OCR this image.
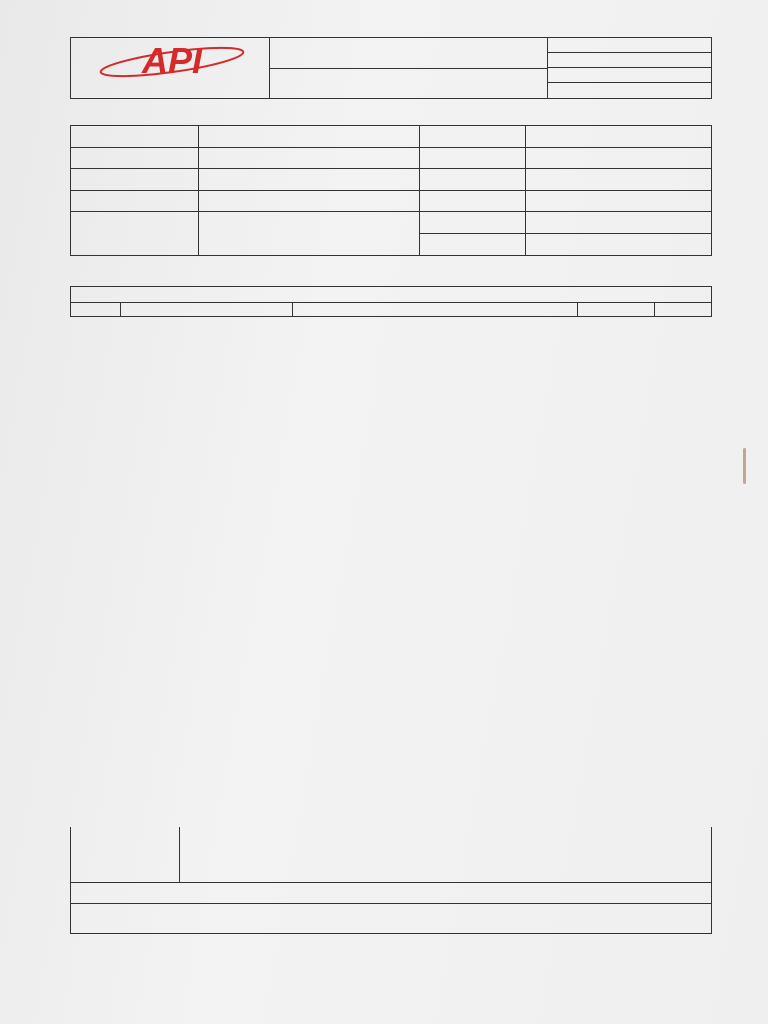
API
